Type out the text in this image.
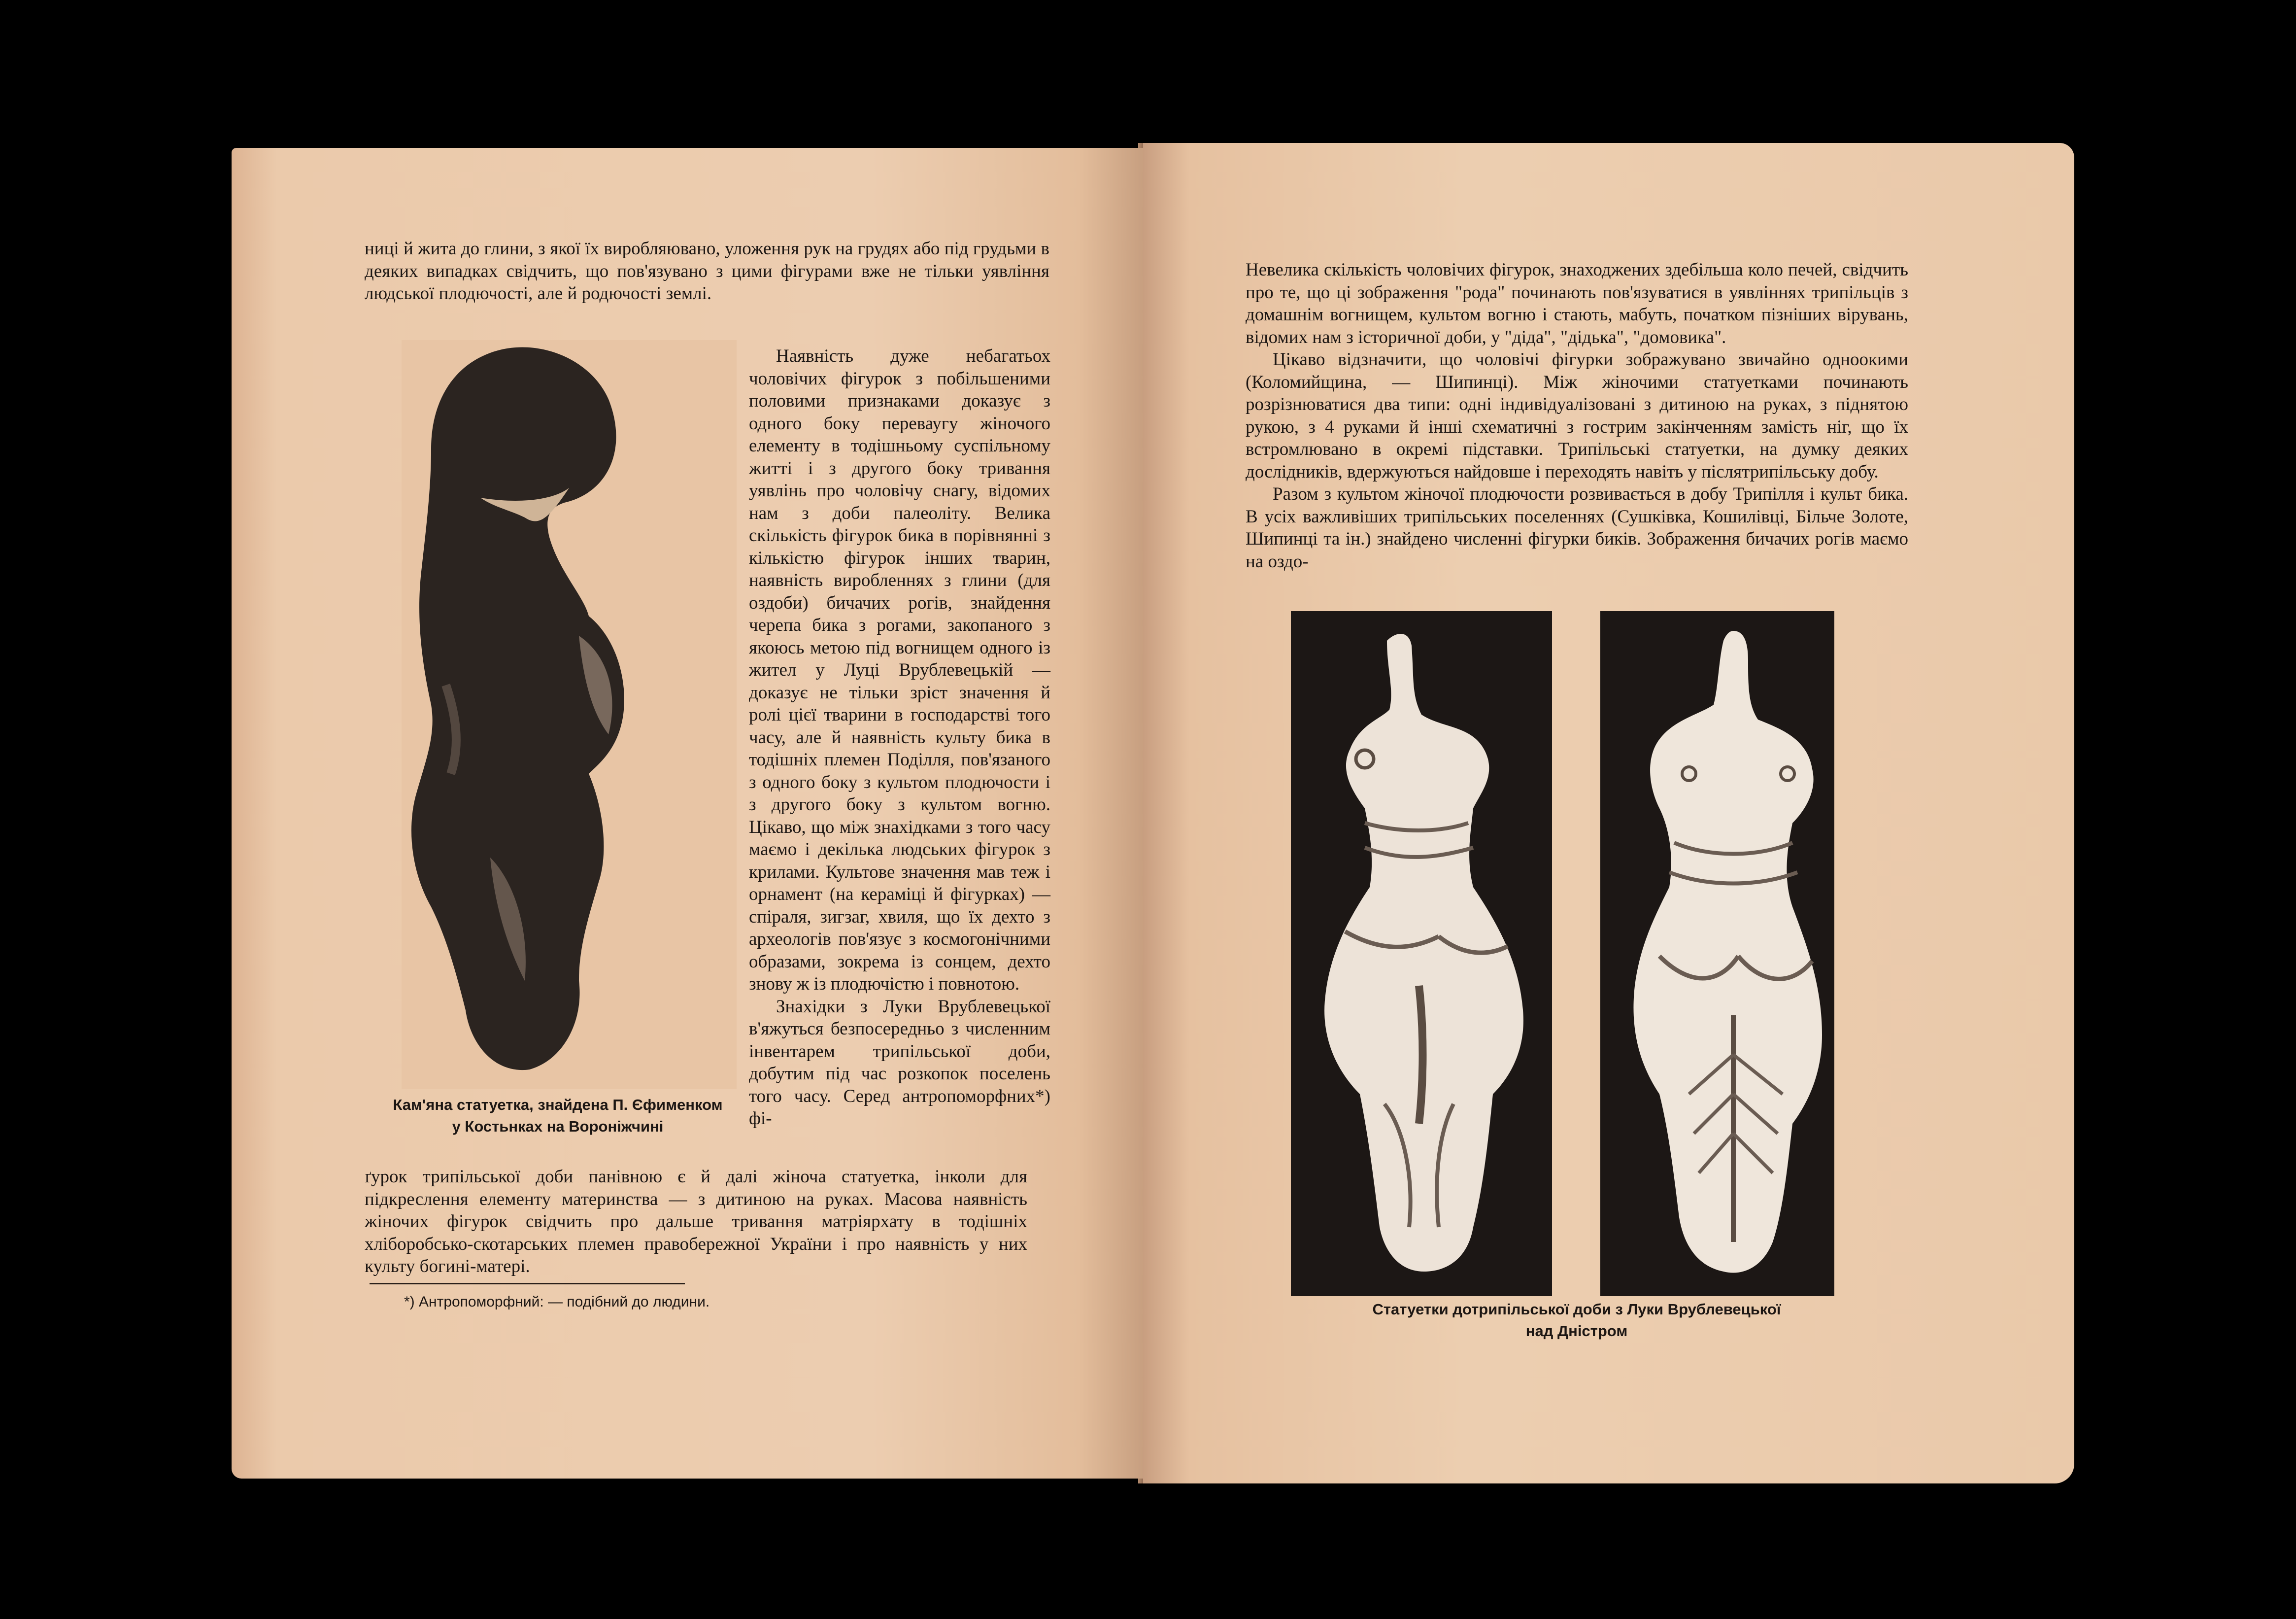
ниці й жита до глини, з якої їх виробляювано, уложення рук на грудях або під грудьми в деяких випадках свідчить, що пов'язувано з цими фігурами вже не тільки уявління людської плодючості, але й родючості землі.

Кам'яна статуетка, знайдена П. Єфименком
у Костьнках на Вороніжчині

Наявність дуже небагатьох чоловічих фігурок з побільшеними половими признаками доказує з одного боку переваугу жіночого елементу в тодішньому суспільному житті і з другого боку тривання уявлінь про чоловічу снагу, відомих нам з доби палеоліту. Велика скількість фігурок бика в порівнянні з кількістю фігурок інших тварин, наявність виробленнях з глини (для оздоби) бичачих рогів, знайдення черепа бика з рогами, закопаного з якоюсь метою під вогнищем одного із жител у Луці Врублевецькій — доказує не тільки зріст значення й ролі цієї тварини в господарстві того часу, але й наявність культу бика в тодішніх племен Поділля, пов'язаного з одного боку з культом плодючости і з другого боку з культом вогню. Цікаво, що між знахідками з того часу маємо і декілька людських фігурок з крилами. Культове значення мав теж і орнамент (на кераміці й фігурках) — спіраля, зигзаг, хвиля, що їх дехто з археологів пов'язує з космогонічними образами, зокрема із сонцем, дехто знову ж із плодючістю і повнотою.

Знахідки з Луки Врублевецької в'яжуться безпосередньо з численним інвентарем трипільської доби, добутим під час розкопок поселень того часу. Серед антропоморфних*) фі-

ґурок трипільської доби панівною є й далі жіноча статуетка, інколи для підкреслення елементу материнства — з дитиною на руках. Масова наявність жіночих фігурок свідчить про дальше тривання матріярхату в тодішніх хліборобсько-скотарських племен правобережної України і про наявність у них культу богині-матері.

*) Антропоморфний: — подібний до людини.

Невелика скількість чоловічих фігурок, знаходжених здебільша коло печей, свідчить про те, що ці зображення "рода" починають пов'язуватися в уявліннях трипільців з домашнім вогнищем, культом вогню і стають, мабуть, початком пізніших вірувань, відомих нам з історичної доби, у "діда", "дідька", "домовика".

Цікаво відзначити, що чоловічі фігурки зображувано звичайно одноокими (Коломийщина, — Шипинці). Між жіночими статуетками починають розрізнюватися два типи: одні індивідуалізовані з дитиною на руках, з піднятою рукою, з 4 руками й інші схематичні з гострим закінченням замість ніг, що їх встромлювано в окремі підставки. Трипільські статуетки, на думку деяких дослідників, вдержуються найдовше і переходять навіть у післятрипільську добу.

Разом з культом жіночої плодючости розвивається в добу Трипілля і культ бика. В усіх важливіших трипільських поселеннях (Сушківка, Кошилівці, Більче Золоте, Шипинці та ін.) знайдено численні фігурки биків. Зображення бичачих рогів маємо на оздо-

Статуетки дотрипільської доби з Луки Врублевецької
над Дністром
